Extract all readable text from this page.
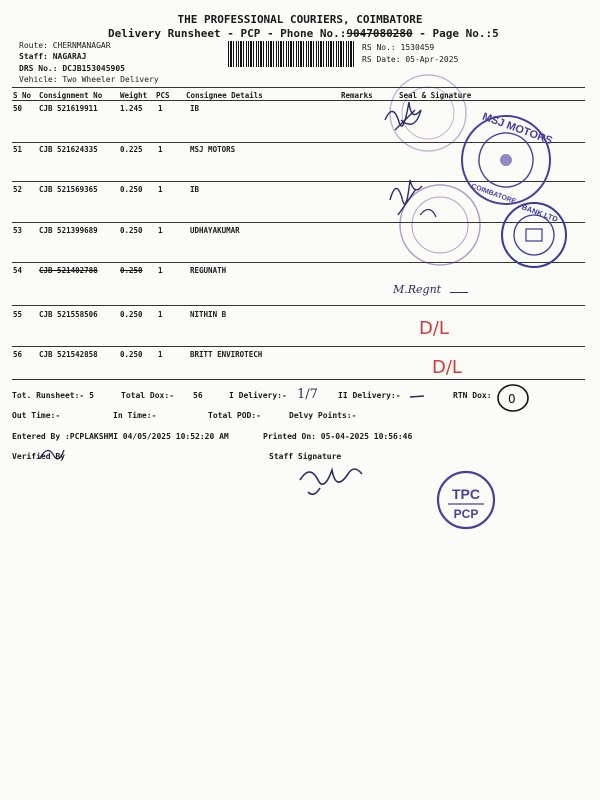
THE PROFESSIONAL COURIERS, COIMBATORE
Delivery Runsheet - PCP - Phone No.:9047080280 - Page No.:5
Route: CHERNMANAGAR
Staff: NAGARAJ
DRS No.: DCJB153045905
Vehicle: Two Wheeler Delivery
RS No.: 1530459
RS Date: 05-Apr-2025
S No Consignment No Weight PCS Consignee Details	Remarks	Seal & Signature
50 CJB 521619911	1.245 1	IB
51 CJB 521624335	0.225 1	MSJ MOTORS
52 CJB 521569365	0.250 1	IB
53 CJB 521399689	0.250 1	UDHAYAKUMAR
54 CJB 521402788	0.250 1	REGUNATH
55 CJB 521558506	0.250 1	NITHIN B
56 CJB 521542858	0.250 1	BRITT ENVIROTECH
MSJ MOTORS
COIMBATORE
BANK LTD
1/7	0
TPC
PCP
M.Regnt
D/L
D/L
Tot. Runsheet:- 5	Total Dox:- 56	I Delivery:-	II Delivery:-	RTN Dox:
Out Time:-	In Time:-	Total POD:-	Delvy Points:-
Entered By :PCPLAKSHMI 04/05/2025 10:52:20 AM	Printed On: 05-04-2025 10:56:46
Verified By	Staff Signature
